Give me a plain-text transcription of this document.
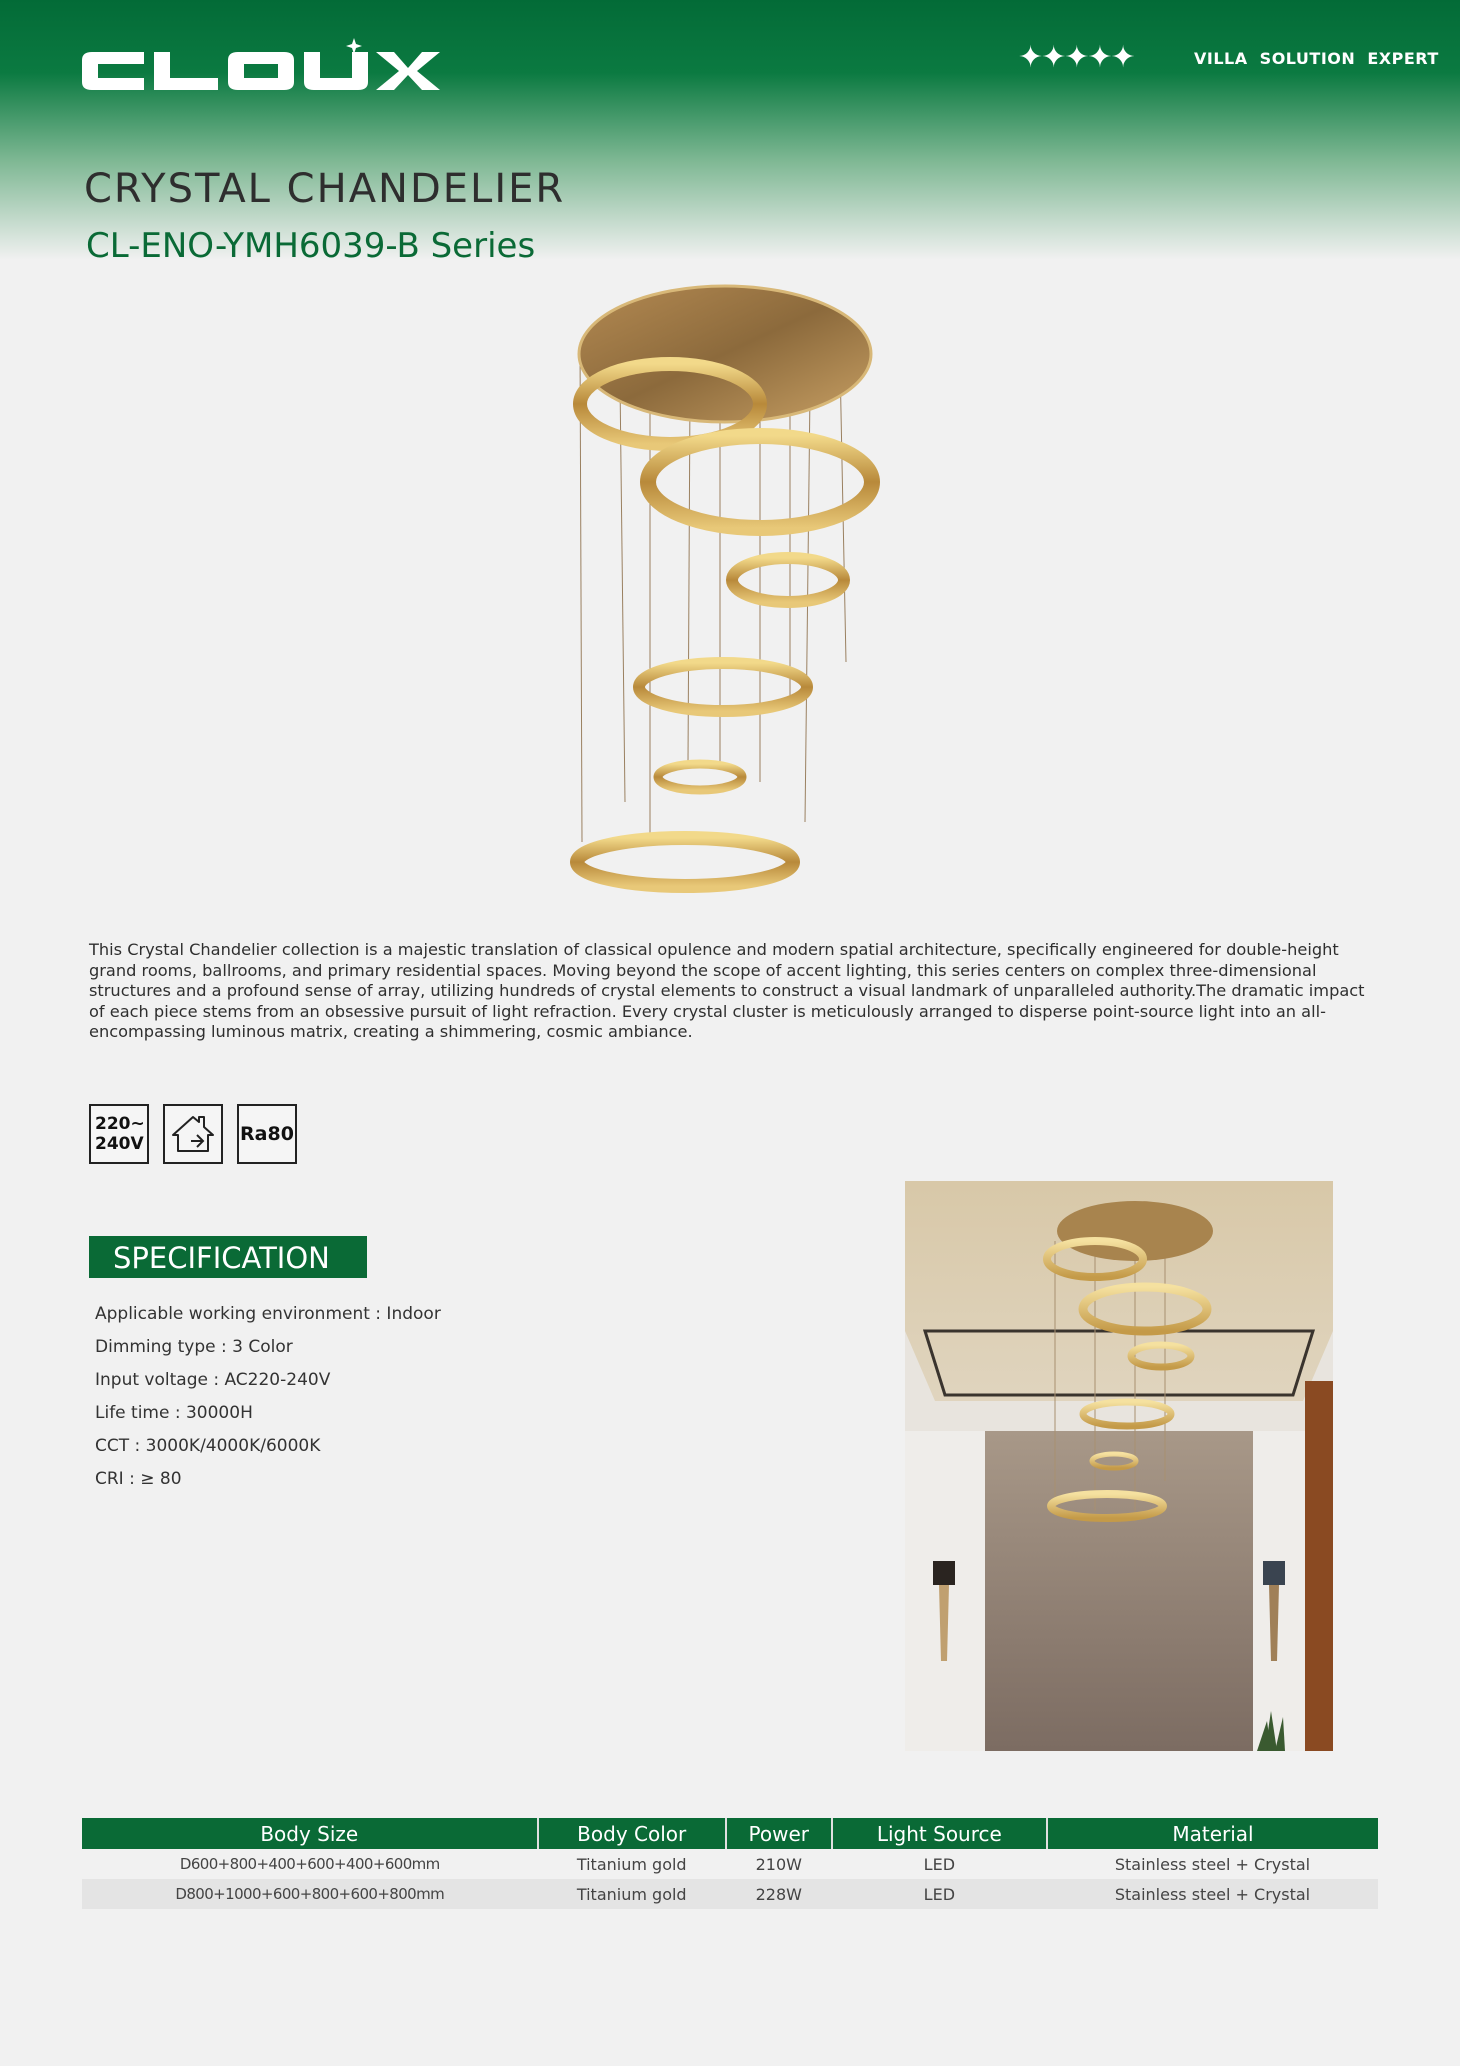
✦✦✦✦✦	VILLA SOLUTION EXPERT
CRYSTAL CHANDELIER
CL-ENO-YMH6039-B Series

This Crystal Chandelier collection is a majestic translation of classical opulence and modern spatial architecture, specifically engineered for double-height grand rooms, ballrooms, and primary residential spaces. Moving beyond the scope of accent lighting, this series centers on complex three-dimensional structures and a profound sense of array, utilizing hundreds of crystal elements to construct a visual landmark of unparalleled authority.The dramatic impact of each piece stems from an obsessive pursuit of light refraction. Every crystal cluster is meticulously arranged to disperse point-source light into an all-encompassing luminous matrix, creating a shimmering, cosmic ambiance.

220~
240V	Ra80
SPECIFICATION
Applicable working environment : Indoor
Dimming type : 3 Color
Input voltage : AC220-240V
Life time : 30000H
CCT : 3000K/4000K/6000K
CRI : ≥ 80
Body Size	Body Color	Power	Light Source	Material
D600+800+400+600+400+600mm	Titanium gold	210W	LED	Stainless steel + Crystal
D800+1000+600+800+600+800mm	Titanium gold	228W	LED	Stainless steel + Crystal
